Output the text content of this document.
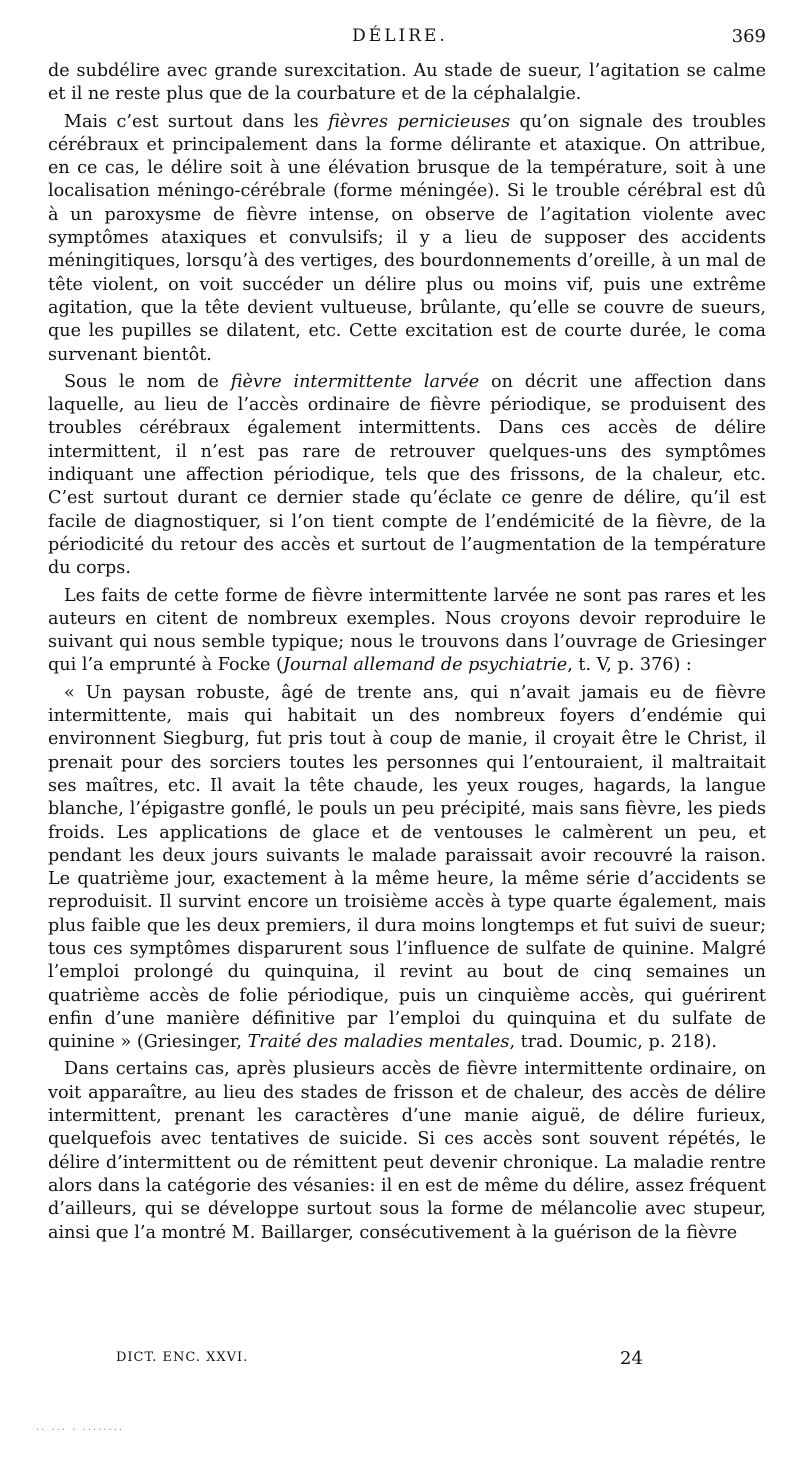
DÉLIRE.	369

de subdélire avec grande surexcitation. Au stade de sueur, l’agitation se calme et il ne reste plus que de la courbature et de la céphalalgie.

Mais c’est surtout dans les fièvres pernicieuses qu’on signale des troubles cérébraux et principalement dans la forme délirante et ataxique. On attribue, en ce cas, le délire soit à une élévation brusque de la température, soit à une localisation méningo-cérébrale (forme méningée). Si le trouble cérébral est dû à un paroxysme de fièvre intense, on observe de l’agitation violente avec symptômes ataxiques et convulsifs; il y a lieu de supposer des accidents méningitiques, lorsqu’à des vertiges, des bourdonnements d’oreille, à un mal de tête violent, on voit succéder un délire plus ou moins vif, puis une extrême agitation, que la tête devient vultueuse, brûlante, qu’elle se couvre de sueurs, que les pupilles se dilatent, etc. Cette excitation est de courte durée, le coma survenant bientôt.

Sous le nom de fièvre intermittente larvée on décrit une affection dans laquelle, au lieu de l’accès ordinaire de fièvre périodique, se produisent des troubles cérébraux également intermittents. Dans ces accès de délire intermittent, il n’est pas rare de retrouver quelques-uns des symptômes indiquant une affection périodique, tels que des frissons, de la chaleur, etc. C’est surtout durant ce dernier stade qu’éclate ce genre de délire, qu’il est facile de diagnostiquer, si l’on tient compte de l’endémicité de la fièvre, de la périodicité du retour des accès et surtout de l’augmentation de la température du corps.

Les faits de cette forme de fièvre intermittente larvée ne sont pas rares et les auteurs en citent de nombreux exemples. Nous croyons devoir reproduire le suivant qui nous semble typique; nous le trouvons dans l’ouvrage de Griesinger qui l’a emprunté à Focke (Journal allemand de psychiatrie, t. V, p. 376) :

« Un paysan robuste, âgé de trente ans, qui n’avait jamais eu de fièvre intermittente, mais qui habitait un des nombreux foyers d’endémie qui environnent Siegburg, fut pris tout à coup de manie, il croyait être le Christ, il prenait pour des sorciers toutes les personnes qui l’entouraient, il maltraitait ses maîtres, etc. Il avait la tête chaude, les yeux rouges, hagards, la langue blanche, l’épigastre gonflé, le pouls un peu précipité, mais sans fièvre, les pieds froids. Les applications de glace et de ventouses le calmèrent un peu, et pendant les deux jours suivants le malade paraissait avoir recouvré la raison. Le quatrième jour, exactement à la même heure, la même série d’accidents se reproduisit. Il survint encore un troisième accès à type quarte également, mais plus faible que les deux premiers, il dura moins longtemps et fut suivi de sueur; tous ces symptômes disparurent sous l’influence de sulfate de quinine. Malgré l’emploi prolongé du quinquina, il revint au bout de cinq semaines un quatrième accès de folie périodique, puis un cinquième accès, qui guérirent enfin d’une manière définitive par l’emploi du quinquina et du sulfate de quinine » (Griesinger, Traité des maladies mentales, trad. Doumic, p. 218).

Dans certains cas, après plusieurs accès de fièvre intermittente ordinaire, on voit apparaître, au lieu des stades de frisson et de chaleur, des accès de délire intermittent, prenant les caractères d’une manie aiguë, de délire furieux, quelquefois avec tentatives de suicide. Si ces accès sont souvent répétés, le délire d’intermittent ou de rémittent peut devenir chronique. La maladie rentre alors dans la catégorie des vésanies: il en est de même du délire, assez fréquent d’ailleurs, qui se développe surtout sous la forme de mélancolie avec stupeur, ainsi que l’a montré M. Baillarger, consécutivement à la guérison de la fièvre

DICT. ENC. XXVI.	24
.. ... . ........
